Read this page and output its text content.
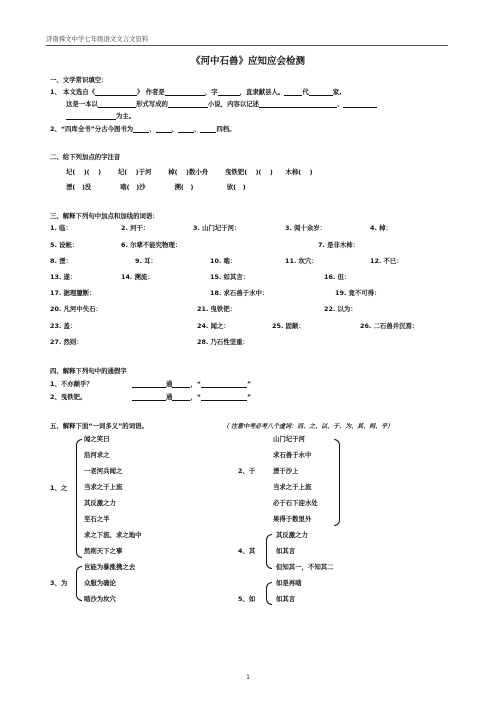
济南舜文中学七年级语文文言文资料
《河中石兽》应知应会检测
一、文学常识填空：
1、 本文选自《	》 作者是	，字	，直隶献县人。	代	家,
这是一本以	形式写成的	小说，内容以记述	、
为主。
2、“四库全书”分古今图书为	、	、	、	四档。
二、给下列加点的字注音
圮( )( )	圮( )于河	棹( )数小舟	曳铁钯( )( ) 木柿( )
湮( )没	啮( )沙	溯( )	欤( )
三、解释下列句中加点和加线的词语：
1. 临：	2. 河干：	3. 山门圮于河：	3. 阅十余岁：	4. 棹：
5. 设帐：	6. 尔辈不能究物理：	7. 是非木柿：
8. 湮：	9. 耳：	10. 啮：	11. 坎穴：	12. 不已：
13. 遂：	14. 溯流：	15. 如其言：	16. 但：
17. 据理臆断：	18. 求石兽于水中：	19. 竟不可得：
20. 凡河中失石：	21. 曳铁钯：	22. 以为：
23. 盖：	24. 闻之：	25. 固颠：	26. 二石兽并沉焉：
27. 然则：	28. 乃石性坚重：
四、解释下列句中的通假字
1、不亦颠乎？	通	，“	”
2、曳铁钯。	通	，“	”
五、解释下面“一词多义”的词语。	（ 注意中考必考八个虚词：而、之、以、于、为、其、则、乎）
1、之
闻之笑曰
沿河求之
一老河兵闻之
当求之于上流
其反激之力
至石之半
求之下流、求之地中
然则天下之事
2、于
山门圮于河
求石兽于水中
湮于沙上
当求之于上流
必于石下迎水处
果得于数里外
4、其
其反激之力
如其言
但知其一，不知其二
3、为
岂能为暴涨携之去
众服为确论
啮沙为坎穴	5、如
如是再啮
如其言
1
